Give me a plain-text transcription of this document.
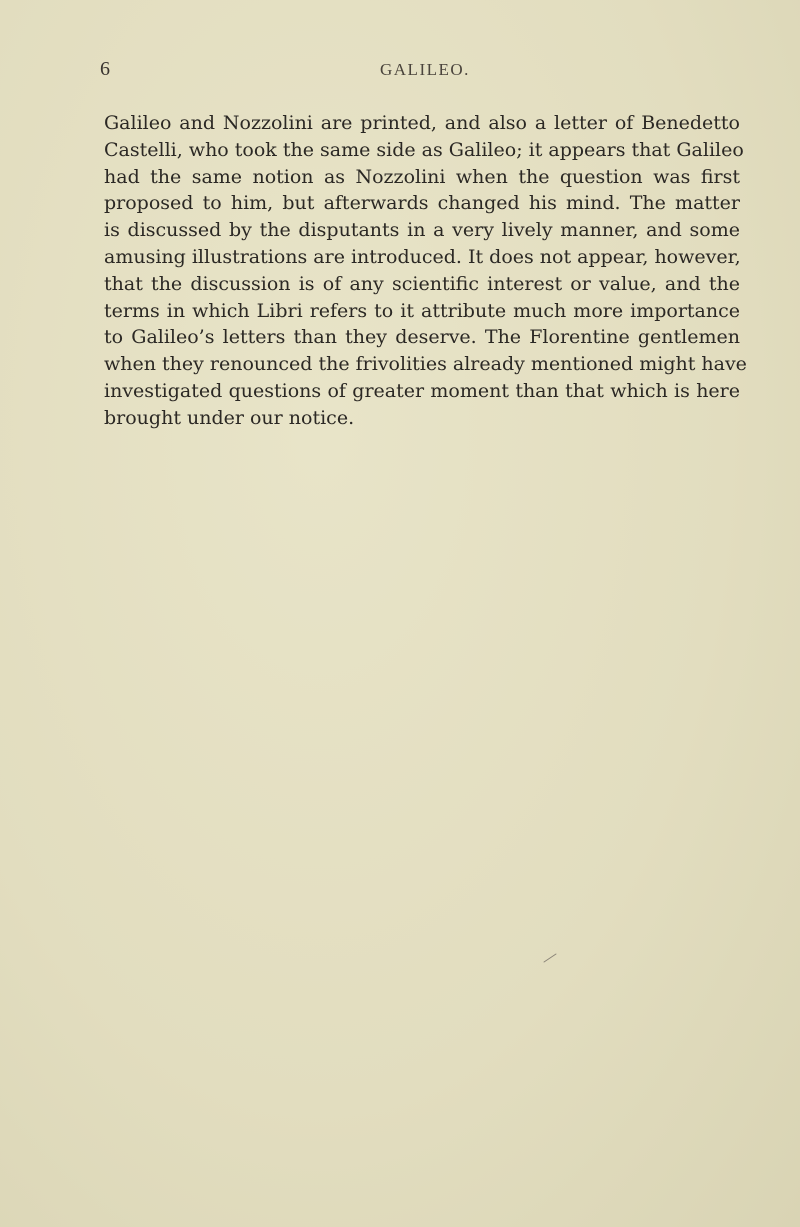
6	GALILEO.

Galileo and Nozzolini are printed, and also a letter of Benedetto
Castelli, who took the same side as Galileo; it appears that Galileo
had the same notion as Nozzolini when the question was first
proposed to him, but afterwards changed his mind. The matter
is discussed by the disputants in a very lively manner, and some
amusing illustrations are introduced. It does not appear, however,
that the discussion is of any scientific interest or value, and the
terms in which Libri refers to it attribute much more importance
to Galileo’s letters than they deserve. The Florentine gentlemen
when they renounced the frivolities already mentioned might have
investigated questions of greater moment than that which is here
brought under our notice.
